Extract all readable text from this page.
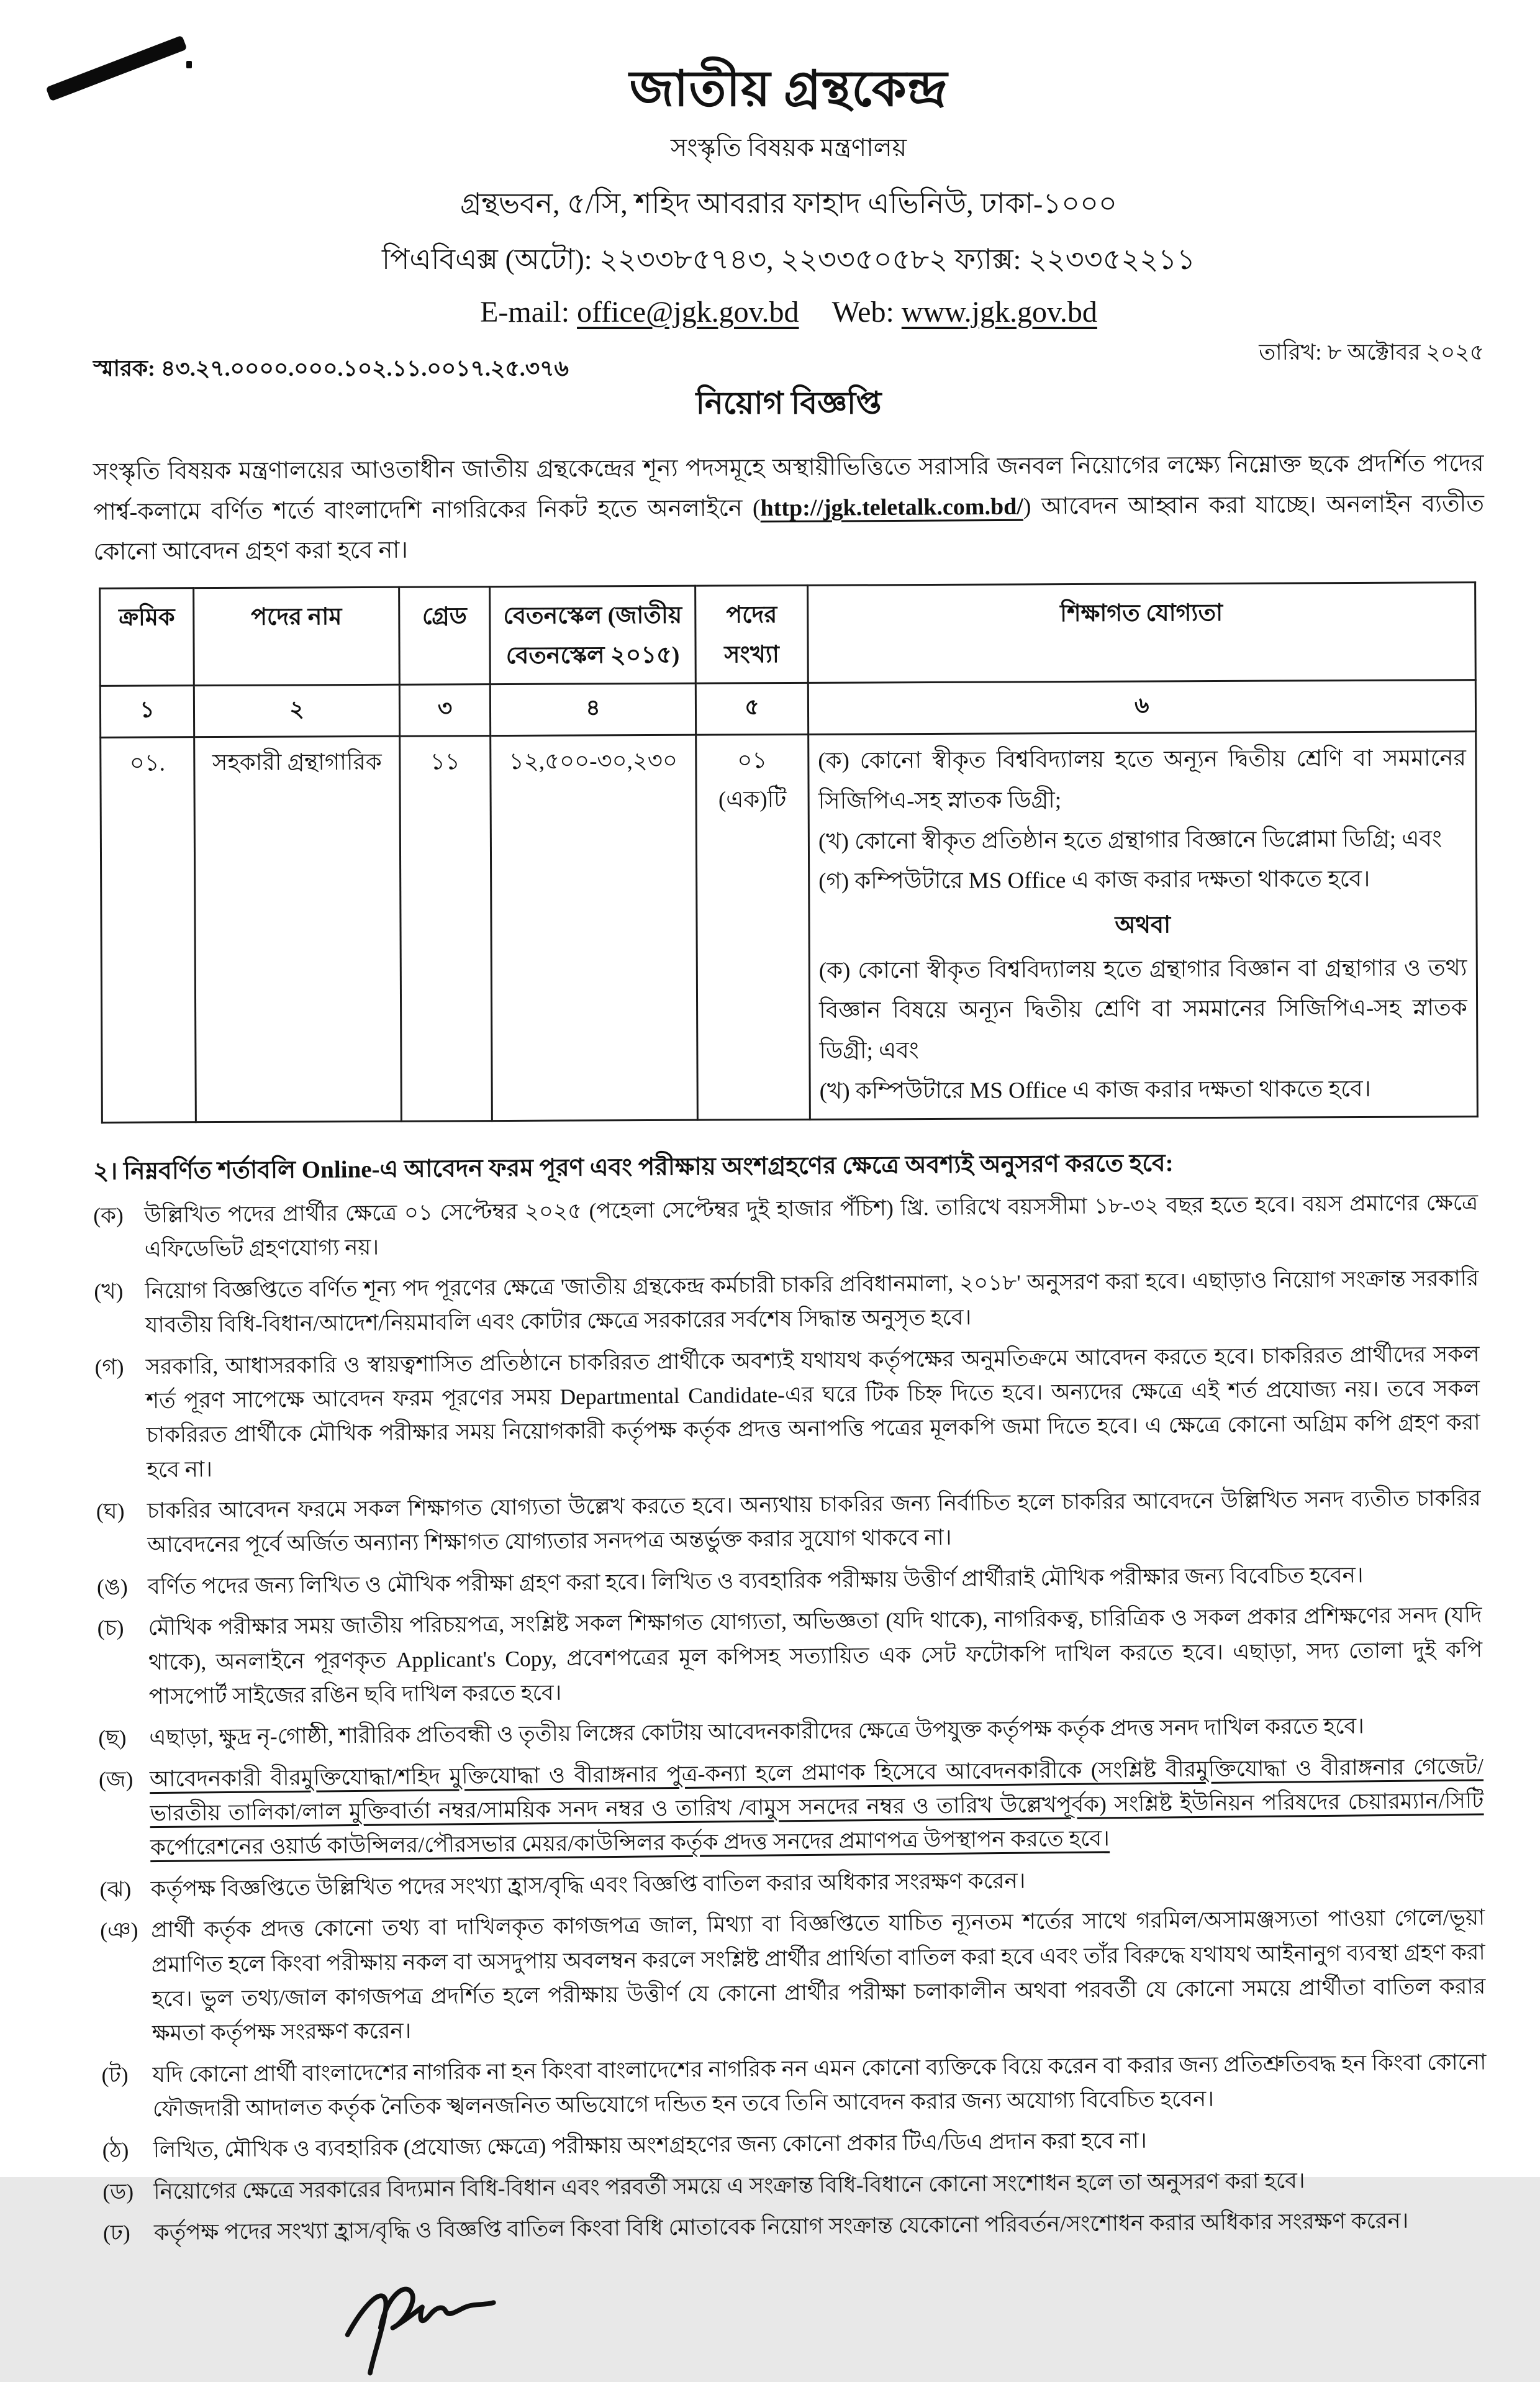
জাতীয় গ্রন্থকেন্দ্র
সংস্কৃতি বিষয়ক মন্ত্রণালয়
গ্রন্থভবন, ৫/সি, শহিদ আবরার ফাহাদ এভিনিউ, ঢাকা-১০০০
পিএবিএক্স (অটো): ২২৩৩৮৫৭৪৩, ২২৩৩৫০৫৮২ ফ্যাক্স: ২২৩৩৫২২১১
E-mail: office@jgk.gov.bd Web: www.jgk.gov.bd
স্মারক: ৪৩.২৭.০০০০.০০০.১০২.১১.০০১৭.২৫.৩৭৬
তারিখ: ৮ অক্টোবর ২০২৫
নিয়োগ বিজ্ঞপ্তি
সংস্কৃতি বিষয়ক মন্ত্রণালয়ের আওতাধীন জাতীয় গ্রন্থকেন্দ্রের শূন্য পদসমূহে অস্থায়ীভিত্তিতে সরাসরি জনবল নিয়োগের লক্ষ্যে নিম্নোক্ত ছকে প্রদর্শিত পদের পার্শ্ব-কলামে বর্ণিত শর্তে বাংলাদেশি নাগরিকের নিকট হতে অনলাইনে (http://jgk.teletalk.com.bd/) আবেদন আহ্বান করা যাচ্ছে। অনলাইন ব্যতীত কোনো আবেদন গ্রহণ করা হবে না।
ক্রমিক	পদের নাম	গ্রেড	বেতনস্কেল (জাতীয় বেতনস্কেল ২০১৫)	পদের সংখ্যা	শিক্ষাগত যোগ্যতা
১	২	৩	৪	৫	৬
০১.	সহকারী গ্রন্থাগারিক	১১	১২,৫০০-৩০,২৩০	০১
(এক)টি

(ক) কোনো স্বীকৃত বিশ্ববিদ্যালয় হতে অন্যূন দ্বিতীয় শ্রেণি বা সমমানের সিজিপিএ-সহ স্নাতক ডিগ্রী;
(খ) কোনো স্বীকৃত প্রতিষ্ঠান হতে গ্রন্থাগার বিজ্ঞানে ডিপ্লোমা ডিগ্রি; এবং
(গ) কম্পিউটারে MS Office এ কাজ করার দক্ষতা থাকতে হবে।
অথবা
(ক) কোনো স্বীকৃত বিশ্ববিদ্যালয় হতে গ্রন্থাগার বিজ্ঞান বা গ্রন্থাগার ও তথ্য বিজ্ঞান বিষয়ে অন্যূন দ্বিতীয় শ্রেণি বা সমমানের সিজিপিএ-সহ স্নাতক ডিগ্রী; এবং
(খ) কম্পিউটারে MS Office এ কাজ করার দক্ষতা থাকতে হবে।
২। নিম্নবর্ণিত শর্তাবলি Online-এ আবেদন ফরম পূরণ এবং পরীক্ষায় অংশগ্রহণের ক্ষেত্রে অবশ্যই অনুসরণ করতে হবে:
(ক) উল্লিখিত পদের প্রার্থীর ক্ষেত্রে ০১ সেপ্টেম্বর ২০২৫ (পহেলা সেপ্টেম্বর দুই হাজার পঁচিশ) খ্রি. তারিখে বয়সসীমা ১৮-৩২ বছর হতে হবে। বয়স প্রমাণের ক্ষেত্রে এফিডেভিট গ্রহণযোগ্য নয়।
(খ) নিয়োগ বিজ্ঞপ্তিতে বর্ণিত শূন্য পদ পূরণের ক্ষেত্রে 'জাতীয় গ্রন্থকেন্দ্র কর্মচারী চাকরি প্রবিধানমালা, ২০১৮' অনুসরণ করা হবে। এছাড়াও নিয়োগ সংক্রান্ত সরকারি যাবতীয় বিধি-বিধান/আদেশ/নিয়মাবলি এবং কোটার ক্ষেত্রে সরকারের সর্বশেষ সিদ্ধান্ত অনুসৃত হবে।
(গ) সরকারি, আধাসরকারি ও স্বায়ত্বশাসিত প্রতিষ্ঠানে চাকরিরত প্রার্থীকে অবশ্যই যথাযথ কর্তৃপক্ষের অনুমতিক্রমে আবেদন করতে হবে। চাকরিরত প্রার্থীদের সকল শর্ত পূরণ সাপেক্ষে আবেদন ফরম পূরণের সময় Departmental Candidate-এর ঘরে টিক চিহ্ন দিতে হবে। অন্যদের ক্ষেত্রে এই শর্ত প্রযোজ্য নয়। তবে সকল চাকরিরত প্রার্থীকে মৌখিক পরীক্ষার সময় নিয়োগকারী কর্তৃপক্ষ কর্তৃক প্রদত্ত অনাপত্তি পত্রের মূলকপি জমা দিতে হবে। এ ক্ষেত্রে কোনো অগ্রিম কপি গ্রহণ করা হবে না।
(ঘ)	চাকরির আবেদন ফরমে সকল শিক্ষাগত যোগ্যতা উল্লেখ করতে হবে। অন্যথায় চাকরির জন্য নির্বাচিত হলে চাকরির আবেদনে উল্লিখিত সনদ ব্যতীত চাকরির আবেদনের পূর্বে অর্জিত অন্যান্য শিক্ষাগত যোগ্যতার সনদপত্র অন্তর্ভুক্ত করার সুযোগ থাকবে না।
(ঙ) বর্ণিত পদের জন্য লিখিত ও মৌখিক পরীক্ষা গ্রহণ করা হবে। লিখিত ও ব্যবহারিক পরীক্ষায় উত্তীর্ণ প্রার্থীরাই মৌখিক পরীক্ষার জন্য বিবেচিত হবেন।
(চ)	মৌখিক পরীক্ষার সময় জাতীয় পরিচয়পত্র, সংশ্লিষ্ট সকল শিক্ষাগত যোগ্যতা, অভিজ্ঞতা (যদি থাকে), নাগরিকত্ব, চারিত্রিক ও সকল প্রকার প্রশিক্ষণের সনদ (যদি থাকে), অনলাইনে পূরণকৃত Applicant's Copy, প্রবেশপত্রের মূল কপিসহ সত্যায়িত এক সেট ফটোকপি দাখিল করতে হবে। এছাড়া, সদ্য তোলা দুই কপি পাসপোর্ট সাইজের রঙিন ছবি দাখিল করতে হবে।
(ছ)	এছাড়া, ক্ষুদ্র নৃ-গোষ্ঠী, শারীরিক প্রতিবন্ধী ও তৃতীয় লিঙ্গের কোটায় আবেদনকারীদের ক্ষেত্রে উপযুক্ত কর্তৃপক্ষ কর্তৃক প্রদত্ত সনদ দাখিল করতে হবে।
(জ) আবেদনকারী বীরমুক্তিযোদ্ধা/শহিদ মুক্তিযোদ্ধা ও বীরাঙ্গনার পুত্র-কন্যা হলে প্রমাণক হিসেবে আবেদনকারীকে (সংশ্লিষ্ট বীরমুক্তিযোদ্ধা ও বীরাঙ্গনার গেজেট/ভারতীয় তালিকা/লাল মুক্তিবার্তা নম্বর/সাময়িক সনদ নম্বর ও তারিখ /বামুস সনদের নম্বর ও তারিখ উল্লেখপূর্বক) সংশ্লিষ্ট ইউনিয়ন পরিষদের চেয়ারম্যান/সিটি কর্পোরেশনের ওয়ার্ড কাউন্সিলর/পৌরসভার মেয়র/কাউন্সিলর কর্তৃক প্রদত্ত সনদের প্রমাণপত্র উপস্থাপন করতে হবে।
(ঝ) কর্তৃপক্ষ বিজ্ঞপ্তিতে উল্লিখিত পদের সংখ্যা হ্রাস/বৃদ্ধি এবং বিজ্ঞপ্তি বাতিল করার অধিকার সংরক্ষণ করেন।
(ঞ) প্রার্থী কর্তৃক প্রদত্ত কোনো তথ্য বা দাখিলকৃত কাগজপত্র জাল, মিথ্যা বা বিজ্ঞপ্তিতে যাচিত ন্যূনতম শর্তের সাথে গরমিল/অসামঞ্জস্যতা পাওয়া গেলে/ভূয়া প্রমাণিত হলে কিংবা পরীক্ষায় নকল বা অসদুপায় অবলম্বন করলে সংশ্লিষ্ট প্রার্থীর প্রার্থিতা বাতিল করা হবে এবং তাঁর বিরুদ্ধে যথাযথ আইনানুগ ব্যবস্থা গ্রহণ করা হবে। ভুল তথ্য/জাল কাগজপত্র প্রদর্শিত হলে পরীক্ষায় উত্তীর্ণ যে কোনো প্রার্থীর পরীক্ষা চলাকালীন অথবা পরবর্তী যে কোনো সময়ে প্রার্থীতা বাতিল করার ক্ষমতা কর্তৃপক্ষ সংরক্ষণ করেন।
(ট)	যদি কোনো প্রার্থী বাংলাদেশের নাগরিক না হন কিংবা বাংলাদেশের নাগরিক নন এমন কোনো ব্যক্তিকে বিয়ে করেন বা করার জন্য প্রতিশ্রুতিবদ্ধ হন কিংবা কোনো ফৌজদারী আদালত কর্তৃক নৈতিক স্খলনজনিত অভিযোগে দন্ডিত হন তবে তিনি আবেদন করার জন্য অযোগ্য বিবেচিত হবেন।
(ঠ)	লিখিত, মৌখিক ও ব্যবহারিক (প্রযোজ্য ক্ষেত্রে) পরীক্ষায় অংশগ্রহণের জন্য কোনো প্রকার টিএ/ডিএ প্রদান করা হবে না।
(ড) নিয়োগের ক্ষেত্রে সরকারের বিদ্যমান বিধি-বিধান এবং পরবর্তী সময়ে এ সংক্রান্ত বিধি-বিধানে কোনো সংশোধন হলে তা অনুসরণ করা হবে।
(ঢ)	কর্তৃপক্ষ পদের সংখ্যা হ্রাস/বৃদ্ধি ও বিজ্ঞপ্তি বাতিল কিংবা বিধি মোতাবেক নিয়োগ সংক্রান্ত যেকোনো পরিবর্তন/সংশোধন করার অধিকার সংরক্ষণ করেন।
